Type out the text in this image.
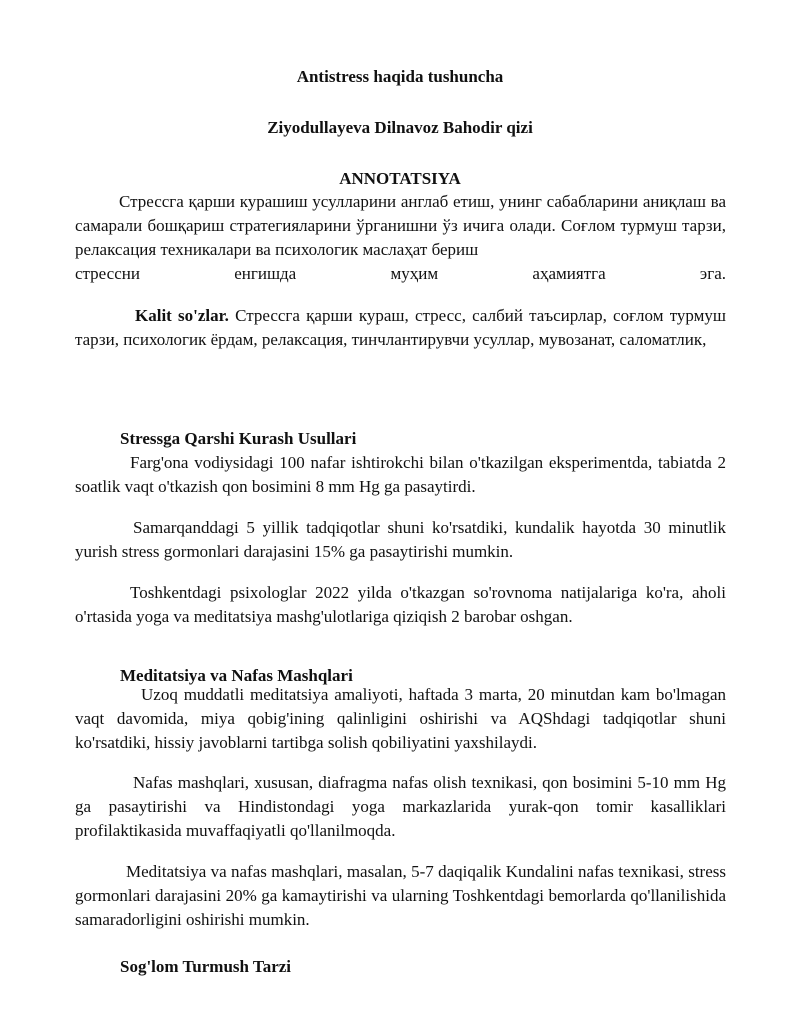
Antistress haqida tushuncha
Ziyodullayeva Dilnavoz Bahodir qizi
ANNOTATSIYA
Стрессга қарши курашиш усулларини англаб етиш, унинг сабабларини аниқлаш ва самарали бошқариш стратегияларини ўрганишни ўз ичига олади. Соғлом турмуш тарзи, релаксация техникалари ва психологик маслаҳат бериш
стрессни енгишда муҳим аҳамиятга эга.
Kalit so'zlar. Стрессга қарши кураш, стресс, салбий таъсирлар, соғлом турмуш тарзи, психологик ёрдам, релаксация, тинчлантирувчи усуллар, мувозанат, саломатлик,
Stressga Qarshi Kurash Usullari
Farg'ona vodiysidagi 100 nafar ishtirokchi bilan o'tkazilgan eksperimentda, tabiatda 2 soatlik vaqt o'tkazish qon bosimini 8 mm Hg ga pasaytirdi.
Samarqanddagi 5 yillik tadqiqotlar shuni ko'rsatdiki, kundalik hayotda 30 minutlik yurish stress gormonlari darajasini 15% ga pasaytirishi mumkin.
Toshkentdagi psixologlar 2022 yilda o'tkazgan so'rovnoma natijalariga ko'ra, aholi o'rtasida yoga va meditatsiya mashg'ulotlariga qiziqish 2 barobar oshgan.
Meditatsiya va Nafas Mashqlari
Uzoq muddatli meditatsiya amaliyoti, haftada 3 marta, 20 minutdan kam bo'lmagan vaqt davomida, miya qobig'ining qalinligini oshirishi va AQShdagi tadqiqotlar shuni ko'rsatdiki, hissiy javoblarni tartibga solish qobiliyatini yaxshilaydi.
Nafas mashqlari, xususan, diafragma nafas olish texnikasi, qon bosimini 5-10 mm Hg ga pasaytirishi va Hindistondagi yoga markazlarida yurak-qon tomir kasalliklari profilaktikasida muvaffaqiyatli qo'llanilmoqda.
Meditatsiya va nafas mashqlari, masalan, 5-7 daqiqalik Kundalini nafas texnikasi, stress gormonlari darajasini 20% ga kamaytirishi va ularning Toshkentdagi bemorlarda qo'llanilishida samaradorligini oshirishi mumkin.
Sog'lom Turmush Tarzi
